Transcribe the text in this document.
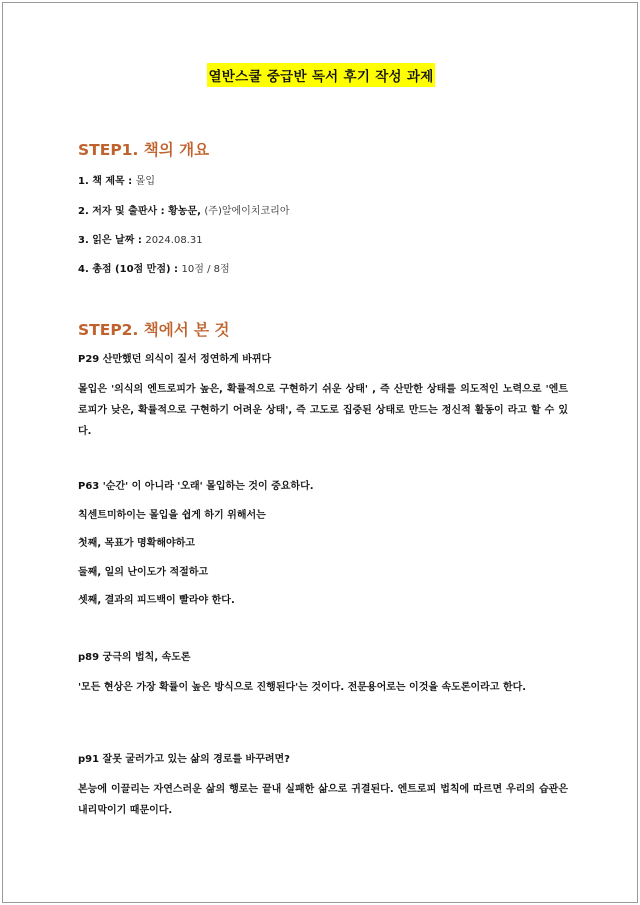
열반스쿨 중급반 독서 후기 작성 과제
STEP1. 책의 개요
1. 책 제목 : 몰입
2. 저자 및 출판사 : 황농문, (주)알에이치코리아
3. 읽은 날짜 : 2024.08.31
4. 총점 (10점 만점) : 10점 / 8점
STEP2. 책에서 본 것
P29 산만했던 의식이 질서 정연하게 바뀌다
몰입은 '의식의 엔트로피가 높은, 확률적으로 구현하기 쉬운 상태' , 즉 산만한 상태를 의도적인 노력으로 '엔트로피가 낮은, 확률적으로 구현하기 어려운 상태', 즉 고도로 집중된 상태로 만드는 정신적 활동이 라고 할 수 있다.
P63 '순간' 이 아니라 '오래' 몰입하는 것이 중요하다.
칙센트미하이는 몰입을 쉽게 하기 위해서는
첫째, 목표가 명확해야하고
둘째, 일의 난이도가 적절하고
셋째, 결과의 피드백이 빨라야 한다.
p89 궁극의 법칙, 속도론
'모든 현상은 가장 확률이 높은 방식으로 진행된다'는 것이다. 전문용어로는 이것을 속도론이라고 한다.
p91 잘못 굴러가고 있는 삶의 경로를 바꾸려면?
본능에 이끌리는 자연스러운 삶의 행로는 끝내 실패한 삶으로 귀결된다. 엔트로피 법칙에 따르면 우리의 습관은 내리막이기 때문이다.
